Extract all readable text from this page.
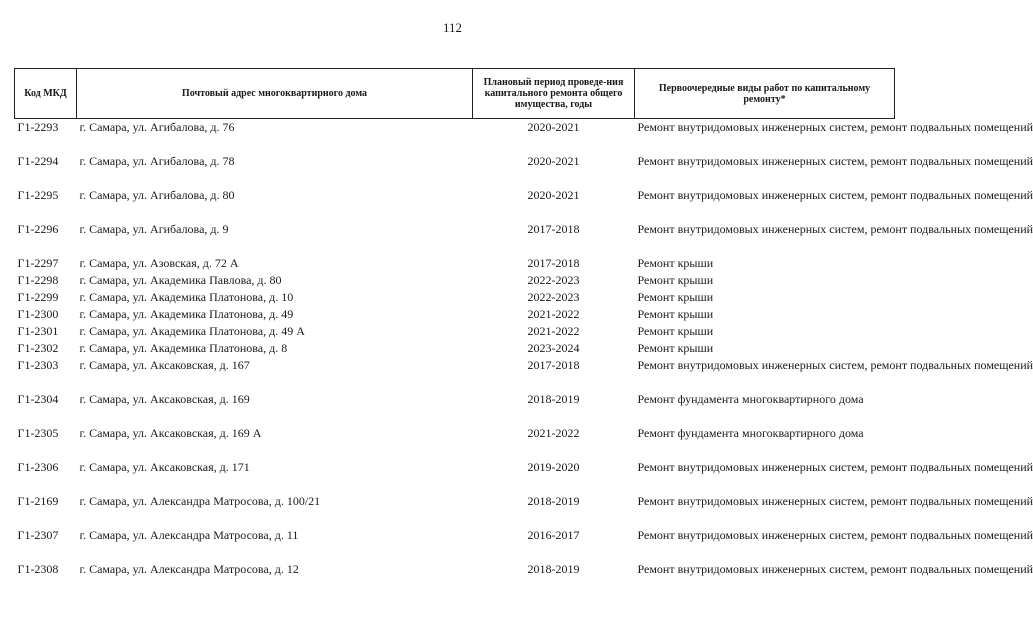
112
Код МКД	Почтовый адрес многоквартирного дома	Плановый период проведе-ния капитального ремонта общего имущества, годы	Первоочередные виды работ по капитальному ремонту*
Г1-2293	г. Самара, ул. Агибалова, д. 76	2020-2021	Ремонт внутридомовых инженерных систем, ремонт подвальных помещений
Г1-2294	г. Самара, ул. Агибалова, д. 78	2020-2021	Ремонт внутридомовых инженерных систем, ремонт подвальных помещений
Г1-2295	г. Самара, ул. Агибалова, д. 80	2020-2021	Ремонт внутридомовых инженерных систем, ремонт подвальных помещений
Г1-2296	г. Самара, ул. Агибалова, д. 9	2017-2018	Ремонт внутридомовых инженерных систем, ремонт подвальных помещений
Г1-2297	г. Самара, ул. Азовская, д. 72 А	2017-2018	Ремонт крыши
Г1-2298	г. Самара, ул. Академика Павлова, д. 80	2022-2023	Ремонт крыши
Г1-2299	г. Самара, ул. Академика Платонова, д. 10	2022-2023	Ремонт крыши
Г1-2300	г. Самара, ул. Академика Платонова, д. 49	2021-2022	Ремонт крыши
Г1-2301	г. Самара, ул. Академика Платонова, д. 49 А	2021-2022	Ремонт крыши
Г1-2302	г. Самара, ул. Академика Платонова, д. 8	2023-2024	Ремонт крыши
Г1-2303	г. Самара, ул. Аксаковская, д. 167	2017-2018	Ремонт внутридомовых инженерных систем, ремонт подвальных помещений
Г1-2304	г. Самара, ул. Аксаковская, д. 169	2018-2019	Ремонт фундамента многоквартирного дома
Г1-2305	г. Самара, ул. Аксаковская, д. 169 А	2021-2022	Ремонт фундамента многоквартирного дома
Г1-2306	г. Самара, ул. Аксаковская, д. 171	2019-2020	Ремонт внутридомовых инженерных систем, ремонт подвальных помещений
Г1-2169	г. Самара, ул. Александра Матросова, д. 100/21	2018-2019	Ремонт внутридомовых инженерных систем, ремонт подвальных помещений
Г1-2307	г. Самара, ул. Александра Матросова, д. 11	2016-2017	Ремонт внутридомовых инженерных систем, ремонт подвальных помещений
Г1-2308	г. Самара, ул. Александра Матросова, д. 12	2018-2019	Ремонт внутридомовых инженерных систем, ремонт подвальных помещений
